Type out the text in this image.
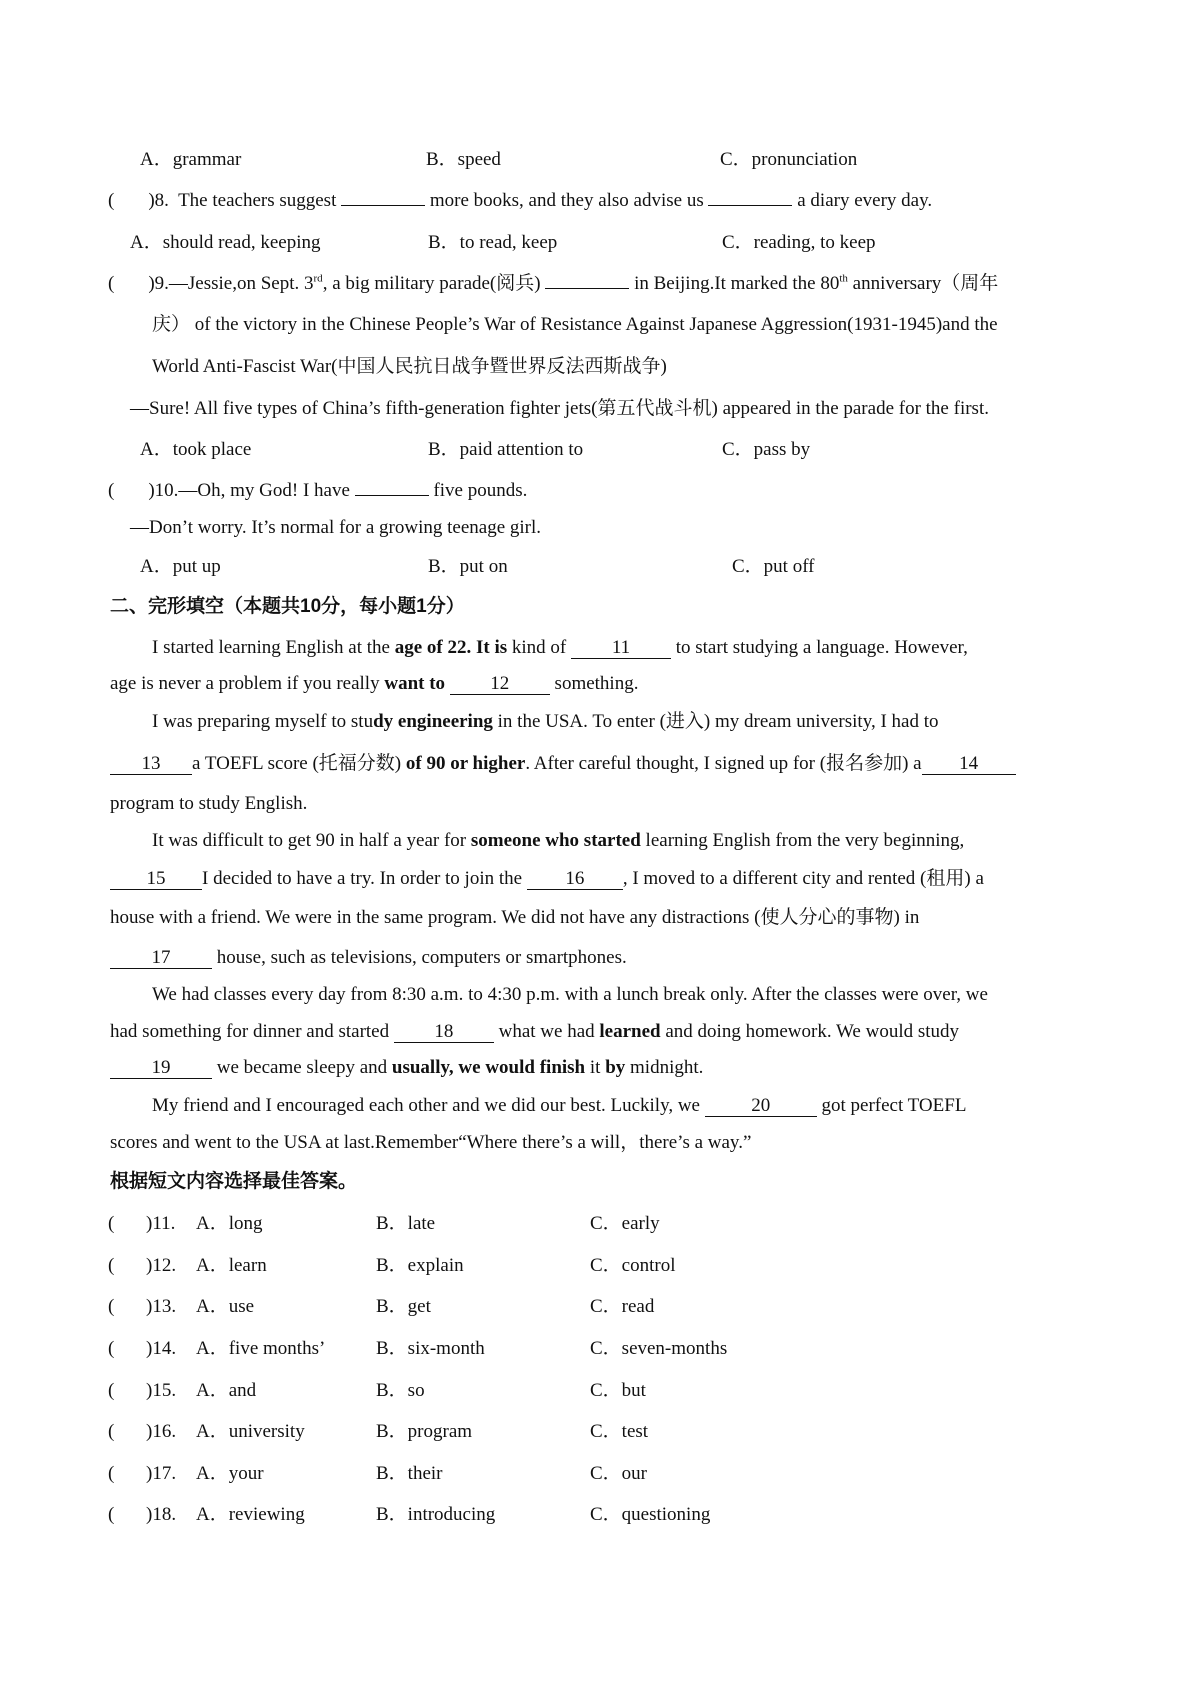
A．grammar	B．speed	C．pronunciation
( )8. The teachers suggest	more books, and they also advise us	a diary every day.
A．should read, keeping	B．to read, keep	C．reading, to keep
( )9.—Jessie,on Sept. 3rd, a big military parade(阅兵)	in Beijing.It marked the 80th anniversary（周年
庆） of the victory in the Chinese People’s War of Resistance Against Japanese Aggression(1931-1945)and the
World Anti-Fascist War(中国人民抗日战争暨世界反法西斯战争)
—Sure! All five types of China’s fifth-generation fighter jets(第五代战斗机) appeared in the parade for the first.
A．took place	B．paid attention to	C．pass by
( )10.—Oh, my God! I have	five pounds.
—Don’t worry. It’s normal for a growing teenage girl.
A．put up	B．put on	C．put off
二、完形填空（本题共10分，每小题1分）
I started learning English at the age of 22. It is kind of 11 to start studying a language. However,
age is never a problem if you really want to 12 something.
I was preparing myself to study engineering in the USA. To enter (进入) my dream university, I had to
13 a TOEFL score (托福分数) of 90 or higher. After careful thought, I signed up for (报名参加) a 14
program to study English.
It was difficult to get 90 in half a year for someone who started learning English from the very beginning,
15 I decided to have a try. In order to join the 16 , I moved to a different city and rented (租用) a
house with a friend. We were in the same program. We did not have any distractions (使人分心的事物) in
17 house, such as televisions, computers or smartphones.
We had classes every day from 8:30 a.m. to 4:30 p.m. with a lunch break only. After the classes were over, we
had something for dinner and started 18 what we had learned and doing homework. We would study
19 we became sleepy and usually, we would finish it by midnight.
My friend and I encouraged each other and we did our best. Luckily, we	20	got perfect TOEFL
scores and went to the USA at last.Remember“Where there’s a will，there’s a way.”
根据短文内容选择最佳答案。
( )11. A．long	B．late	C．early
( )12. A．learn	B．explain	C．control
( )13. A．use	B．get	C．read
( )14. A．five months’	B．six-month	C．seven-months
( )15. A．and	B．so	C．but
( )16. A．university	B．program	C．test
( )17. A．your	B．their	C．our
( )18. A．reviewing	B．introducing	C．questioning
